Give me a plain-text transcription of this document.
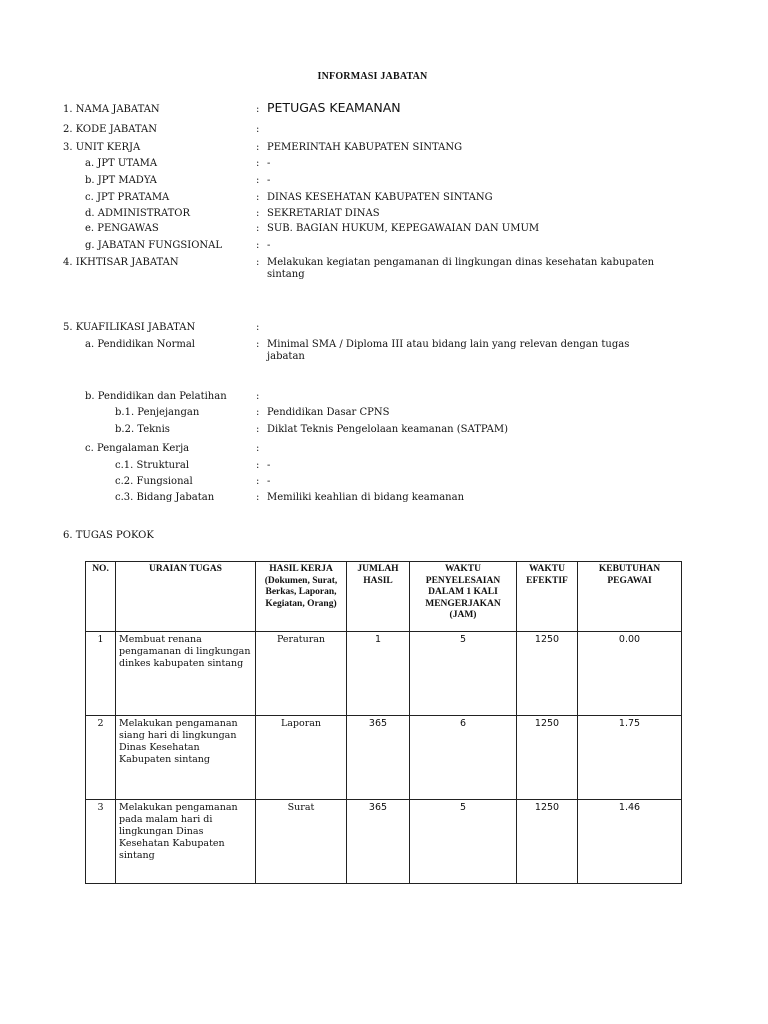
INFORMASI JABATAN
1. NAMA JABATAN	: PETUGAS KEAMANAN
2. KODE JABATAN	:
3. UNIT KERJA	: PEMERINTAH KABUPATEN SINTANG
a. JPT UTAMA	: -
b. JPT MADYA	: -
c. JPT PRATAMA	: DINAS KESEHATAN KABUPATEN SINTANG
d. ADMINISTRATOR	: SEKRETARIAT DINAS
e. PENGAWAS	: SUB. BAGIAN HUKUM, KEPEGAWAIAN DAN UMUM
g. JABATAN FUNGSIONAL	: -
4. IKHTISAR JABATAN	: Melakukan kegiatan pengamanan di lingkungan dinas kesehatan kabupaten sintang
5. KUAFILIKASI JABATAN	:
a. Pendidikan Normal	: Minimal SMA / Diploma III atau bidang lain yang relevan dengan tugas jabatan
b. Pendidikan dan Pelatihan	:
b.1. Penjejangan	: Pendidikan Dasar CPNS
b.2. Teknis	: Diklat Teknis Pengelolaan keamanan (SATPAM)
c. Pengalaman Kerja	:
c.1. Struktural	: -
c.2. Fungsional	: -
c.3. Bidang Jabatan	: Memiliki keahlian di bidang keamanan
6. TUGAS POKOK
NO.	URAIAN TUGAS	HASIL KERJA (Dokumen, Surat, Berkas, Laporan, Kegiatan, Orang)	JUMLAH HASIL	WAKTU PENYELESAIAN DALAM 1 KALI MENGERJAKAN (JAM)	WAKTU EFEKTIF	KEBUTUHAN PEGAWAI
1	Membuat renana pengamanan di lingkungan dinkes kabupaten sintang	Peraturan	1	5	1250	0.00
2	Melakukan pengamanan siang hari di lingkungan Dinas Kesehatan Kabupaten sintang	Laporan	365	6	1250	1.75
3	Melakukan pengamanan pada malam hari di lingkungan Dinas Kesehatan Kabupaten sintang	Surat	365	5	1250	1.46
